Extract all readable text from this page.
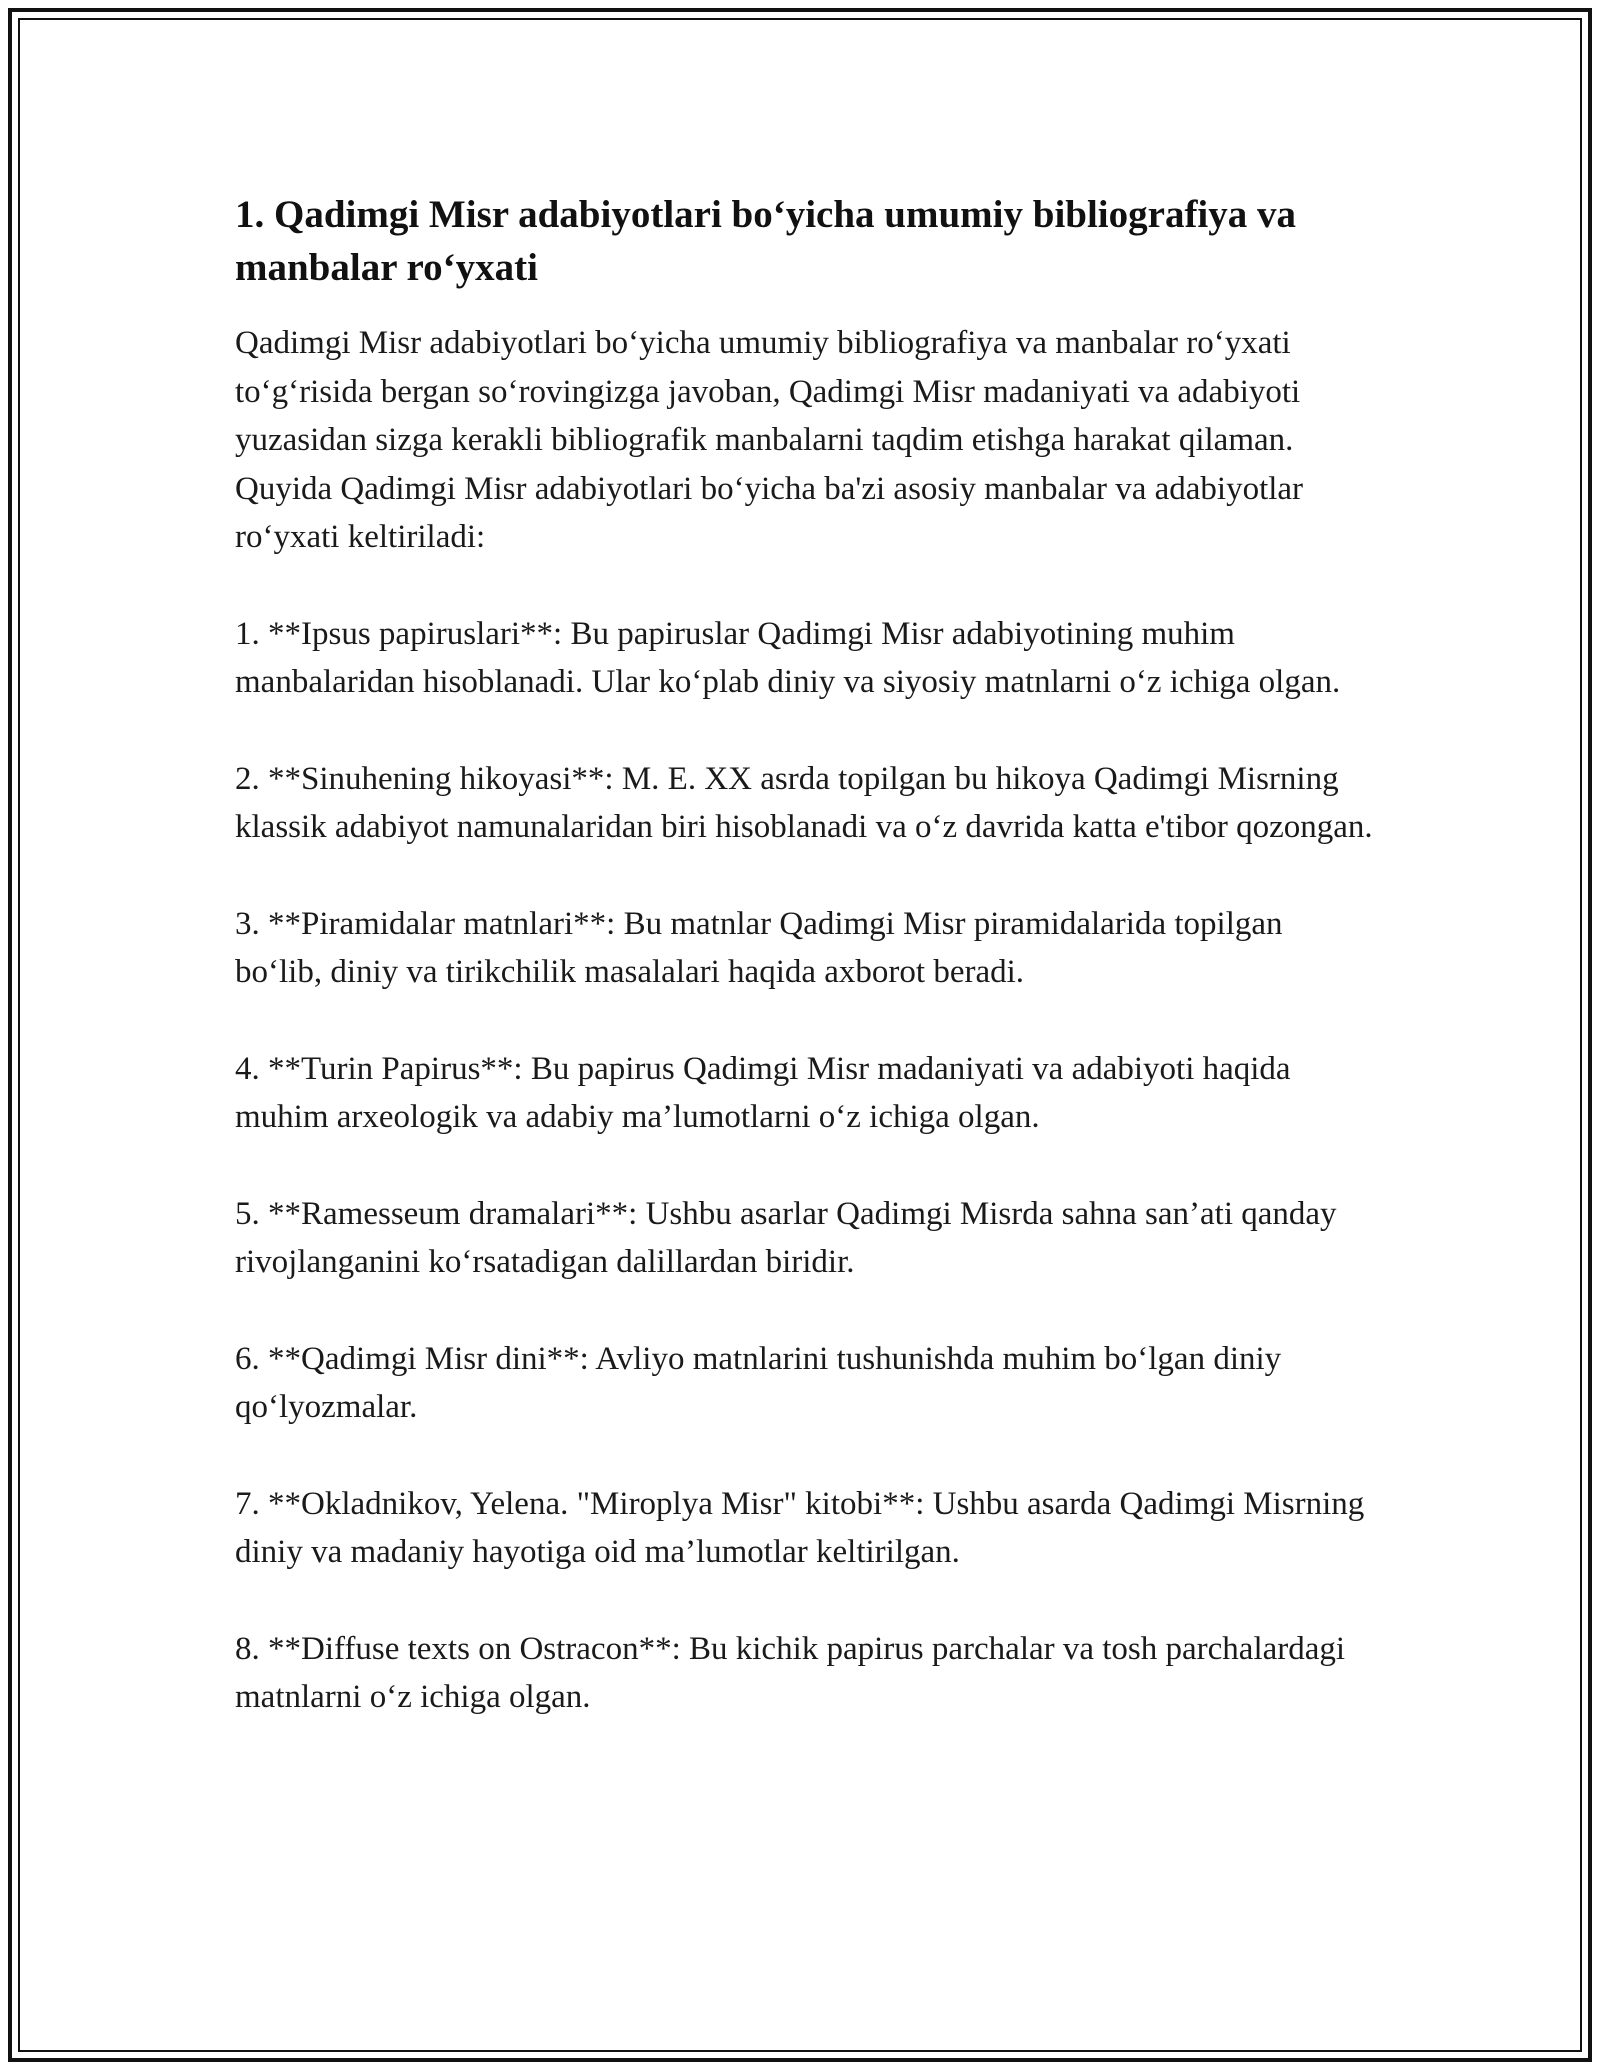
1. Qadimgi Misr adabiyotlari bo‘yicha umumiy bibliografiya va manbalar ro‘yxati

Qadimgi Misr adabiyotlari bo‘yicha umumiy bibliografiya va manbalar ro‘yxati to‘g‘risida bergan so‘rovingizga javoban, Qadimgi Misr madaniyati va adabiyoti yuzasidan sizga kerakli bibliografik manbalarni taqdim etishga harakat qilaman. Quyida Qadimgi Misr adabiyotlari bo‘yicha ba'zi asosiy manbalar va adabiyotlar ro‘yxati keltiriladi:

1. **Ipsus papiruslari**: Bu papiruslar Qadimgi Misr adabiyotining muhim manbalaridan hisoblanadi. Ular ko‘plab diniy va siyosiy matnlarni o‘z ichiga olgan.

2. **Sinuhening hikoyasi**: M. E. XX asrda topilgan bu hikoya Qadimgi Misrning klassik adabiyot namunalaridan biri hisoblanadi va o‘z davrida katta e'tibor qozongan.

3. **Piramidalar matnlari**: Bu matnlar Qadimgi Misr piramidalarida topilgan bo‘lib, diniy va tirikchilik masalalari haqida axborot beradi.

4. **Turin Papirus**: Bu papirus Qadimgi Misr madaniyati va adabiyoti haqida muhim arxeologik va adabiy ma’lumotlarni o‘z ichiga olgan.

5. **Ramesseum dramalari**: Ushbu asarlar Qadimgi Misrda sahna san’ati qanday rivojlanganini ko‘rsatadigan dalillardan biridir.

6. **Qadimgi Misr dini**: Avliyo matnlarini tushunishda muhim bo‘lgan diniy qo‘lyozmalar.

7. **Okladnikov, Yelena. "Miroplya Misr" kitobi**: Ushbu asarda Qadimgi Misrning diniy va madaniy hayotiga oid ma’lumotlar keltirilgan.

8. **Diffuse texts on Ostracon**: Bu kichik papirus parchalar va tosh parchalardagi matnlarni o‘z ichiga olgan.
